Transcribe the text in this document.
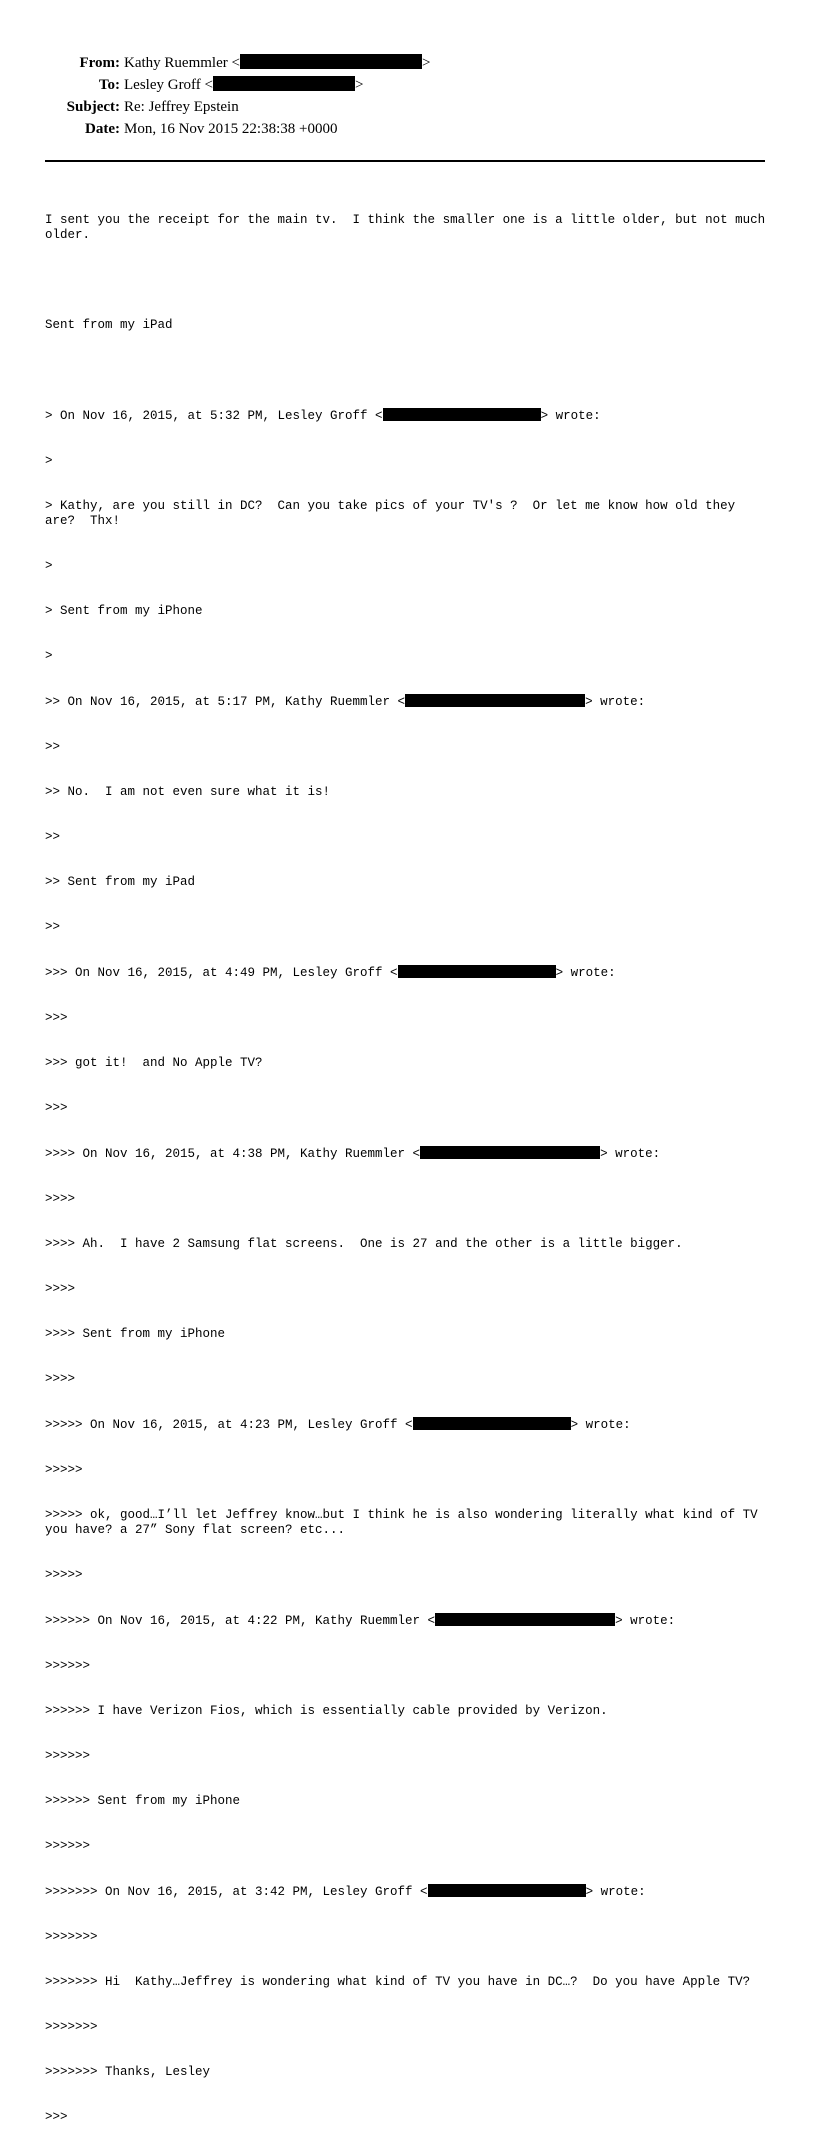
From: Kathy Ruemmler <	>
To: Lesley Groff <	>
Subject: Re: Jeffrey Epstein
Date: Mon, 16 Nov 2015 22:38:38 +0000

I sent you the receipt for the main tv.  I think the smaller one is a little older, but not much older.

Sent from my iPad

> On Nov 16, 2015, at 5:32 PM, Lesley Groff <	> wrote:

>

> Kathy, are you still in DC?  Can you take pics of your TV's ?  Or let me know how old they are?  Thx!

>

> Sent from my iPhone

>

>> On Nov 16, 2015, at 5:17 PM, Kathy Ruemmler <	> wrote:

>>

>> No.  I am not even sure what it is!

>>

>> Sent from my iPad

>>

>>> On Nov 16, 2015, at 4:49 PM, Lesley Groff <	> wrote:

>>>

>>> got it!  and No Apple TV?

>>>

>>>> On Nov 16, 2015, at 4:38 PM, Kathy Ruemmler <	> wrote:

>>>>

>>>> Ah.  I have 2 Samsung flat screens.  One is 27 and the other is a little bigger.

>>>>

>>>> Sent from my iPhone

>>>>

>>>>> On Nov 16, 2015, at 4:23 PM, Lesley Groff <	> wrote:

>>>>>

>>>>> ok, good…I’ll let Jeffrey know…but I think he is also wondering literally what kind of TV you have? a 27” Sony flat screen? etc...

>>>>>

>>>>>> On Nov 16, 2015, at 4:22 PM, Kathy Ruemmler <	> wrote:

>>>>>>

>>>>>> I have Verizon Fios, which is essentially cable provided by Verizon.

>>>>>>

>>>>>> Sent from my iPhone

>>>>>>

>>>>>>> On Nov 16, 2015, at 3:42 PM, Lesley Groff <	> wrote:

>>>>>>>

>>>>>>> Hi  Kathy…Jeffrey is wondering what kind of TV you have in DC…?  Do you have Apple TV?

>>>>>>>

>>>>>>> Thanks, Lesley

>>>
